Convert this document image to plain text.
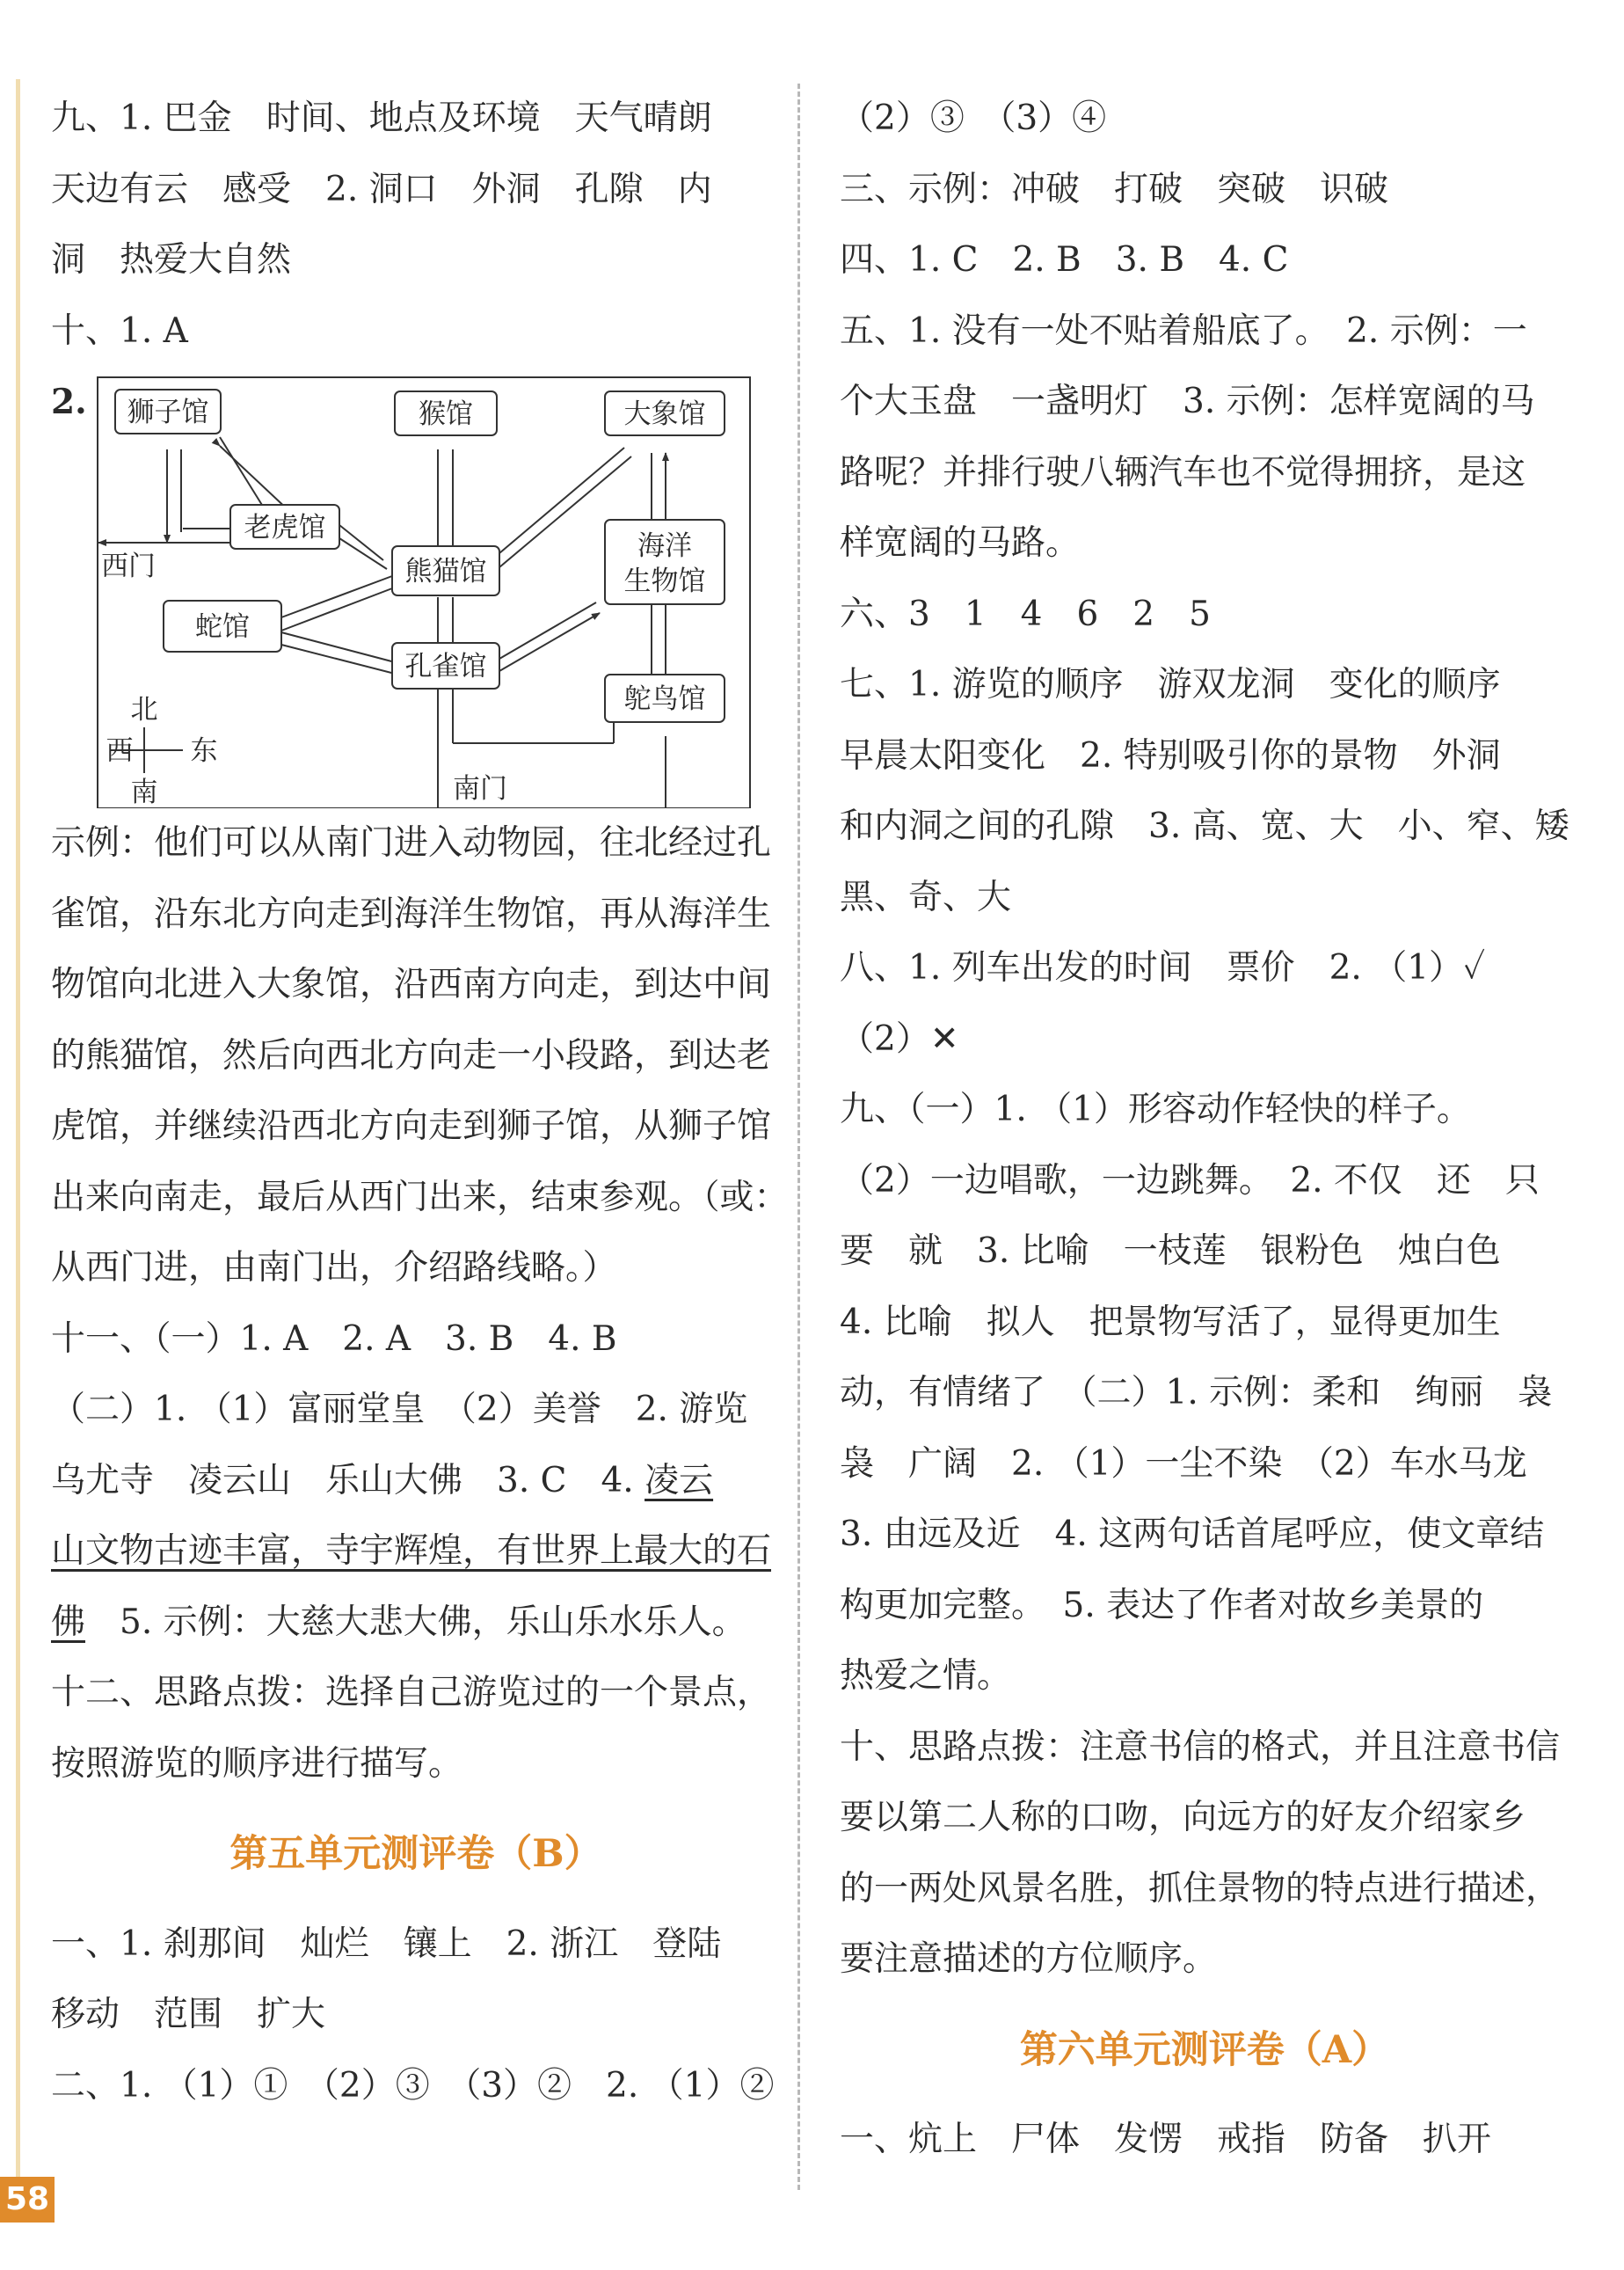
九、1. 巴金　时间、地点及环境　天气晴朗

天边有云　感受　2. 洞口　外洞　孔隙　内

洞　热爱大自然

十、1. A

2. 狮子馆	猴馆	大象馆
老虎馆
西门	熊猫馆
海洋
生物馆
蛇馆
孔雀馆
鸵鸟馆
南门
北
南
西 东

示例：他们可以从南门进入动物园，往北经过孔

雀馆，沿东北方向走到海洋生物馆，再从海洋生

物馆向北进入大象馆，沿西南方向走，到达中间

的熊猫馆，然后向西北方向走一小段路，到达老

虎馆，并继续沿西北方向走到狮子馆，从狮子馆

出来向南走，最后从西门出来，结束参观。（或：

从西门进，由南门出，介绍路线略。）

十一、（一）1. A　2. A　3. B　4. B

（二）1. （1）富丽堂皇　（2）美誉　2. 游览

乌尤寺　凌云山　乐山大佛　3. C　4. 凌云

山文物古迹丰富，寺宇辉煌，有世界上最大的石

佛　5. 示例：大慈大悲大佛，乐山乐水乐人。

十二、思路点拨：选择自己游览过的一个景点，

按照游览的顺序进行描写。

第五单元测评卷（B）

一、1. 刹那间　灿烂　镶上　2. 浙江　登陆

移动　范围　扩大

二、1. （1）①　（2）③　（3）②　2. （1）②

（2）③　（3）④

三、示例：冲破　打破　突破　识破

四、1. C　2. B　3. B　4. C

五、1. 没有一处不贴着船底了。　2. 示例：一

个大玉盘　一盏明灯　3. 示例：怎样宽阔的马

路呢？并排行驶八辆汽车也不觉得拥挤，是这

样宽阔的马路。

六、3　1　4　6　2　5

七、1. 游览的顺序　游双龙洞　变化的顺序

早晨太阳变化　2. 特别吸引你的景物　外洞

和内洞之间的孔隙　3. 高、宽、大　小、窄、矮

黑、奇、大

八、1. 列车出发的时间　票价　2. （1）✓

（2）✕

九、（一）1. （1）形容动作轻快的样子。

（2）一边唱歌，一边跳舞。　2. 不仅　还　只

要　就　3. 比喻　一枝莲　银粉色　烛白色

4. 比喻　拟人　把景物写活了，显得更加生

动，有情绪了　（二）1. 示例：柔和　绚丽　袅

袅　广阔　2. （1）一尘不染　（2）车水马龙

3. 由远及近　4. 这两句话首尾呼应，使文章结

构更加完整。　5. 表达了作者对故乡美景的

热爱之情。

十、思路点拨：注意书信的格式，并且注意书信

要以第二人称的口吻，向远方的好友介绍家乡

的一两处风景名胜，抓住景物的特点进行描述，

要注意描述的方位顺序。

第六单元测评卷（A）

一、炕上　尸体　发愣　戒指　防备　扒开

58
